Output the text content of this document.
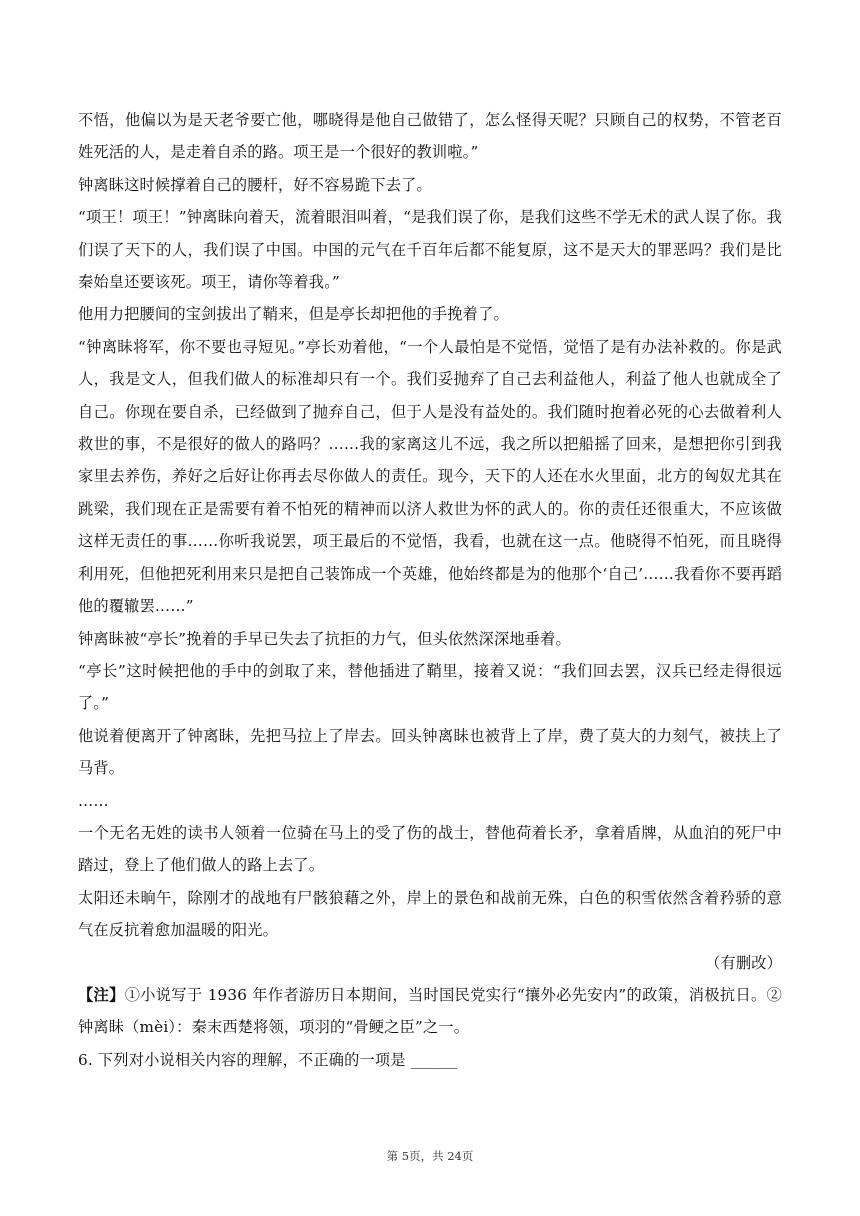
不悟，他偏以为是天老爷要亡他，哪晓得是他自己做错了，怎么怪得天呢？只顾自己的权势，不管老百姓死活的人，是走着自杀的路。项王是一个很好的教训啦。”

钟离眛这时候撑着自己的腰杆，好不容易跪下去了。

“项王！项王！”钟离眛向着天，流着眼泪叫着，“是我们误了你，是我们这些不学无术的武人误了你。我们误了天下的人，我们误了中国。中国的元气在千百年后都不能复原，这不是天大的罪恶吗？我们是比秦始皇还要该死。项王，请你等着我。”

他用力把腰间的宝剑拔出了鞘来，但是亭长却把他的手挽着了。

“钟离眛将军，你不要也寻短见。”亭长劝着他，“一个人最怕是不觉悟，觉悟了是有办法补救的。你是武人，我是文人，但我们做人的标准却只有一个。我们妥抛弃了自己去利益他人，利益了他人也就成全了自己。你现在要自杀，已经做到了抛弃自己，但于人是没有益处的。我们随时抱着必死的心去做着利人救世的事，不是很好的做人的路吗？……我的家离这儿不远，我之所以把船摇了回来，是想把你引到我家里去养伤，养好之后好让你再去尽你做人的责任。现今，天下的人还在水火里面，北方的匈奴尤其在跳梁，我们现在正是需要有着不怕死的精神而以济人救世为怀的武人的。你的责任还很重大，不应该做这样无责任的事……你听我说罢，项王最后的不觉悟，我看，也就在这一点。他晓得不怕死，而且晓得利用死，但他把死利用来只是把自己装饰成一个英雄，他始终都是为的他那个‘自己’……我看你不要再蹈他的覆辙罢……”

钟离眛被“亭长”挽着的手早已失去了抗拒的力气，但头依然深深地垂着。

“亭长”这时候把他的手中的剑取了来，替他插进了鞘里，接着又说：“我们回去罢，汉兵已经走得很远了。”

他说着便离开了钟离眛，先把马拉上了岸去。回头钟离眛也被背上了岸，费了莫大的力刻气，被扶上了马背。

……

一个无名无姓的读书人领着一位骑在马上的受了伤的战士，替他荷着长矛，拿着盾牌，从血泊的死尸中踏过，登上了他们做人的路上去了。

太阳还未晌午，除刚才的战地有尸骸狼藉之外，岸上的景色和战前无殊，白色的积雪依然含着矜骄的意气在反抗着愈加温暖的阳光。

（有删改）

【注】①小说写于 1936 年作者游历日本期间，当时国民党实行“攘外必先安内”的政策，消极抗日。②钟离眛（mèi）：秦末西楚将领，项羽的“骨鲠之臣”之一。

6. 下列对小说相关内容的理解，不正确的一项是 ______

第 5页，共 24页
